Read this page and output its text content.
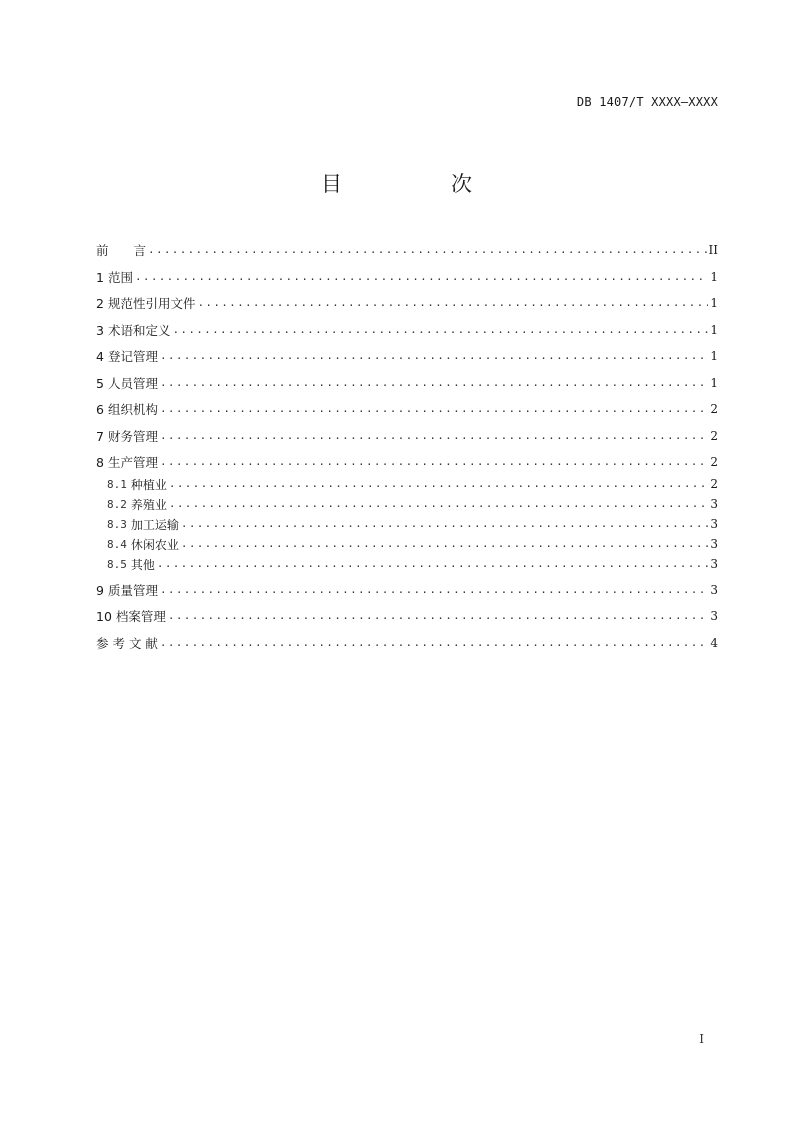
DB 1407/T XXXX—XXXX
目　次
前　　言 .....	II
1 范围 .....	1
2 规范性引用文件 .....	1
3 术语和定义 .....	1
4 登记管理 .....	1
5 人员管理 .....	1
6 组织机构 .....	2
7 财务管理 .....	2
8 生产管理 .....	2
8.1 种植业 .....	2
8.2 养殖业 .....	3
8.3 加工运输 .....	3
8.4 休闲农业 .....	3
8.5 其他 .....	3
9 质量管理 .....	3
10 档案管理 .....	3
参 考 文 献 .....	4
I
